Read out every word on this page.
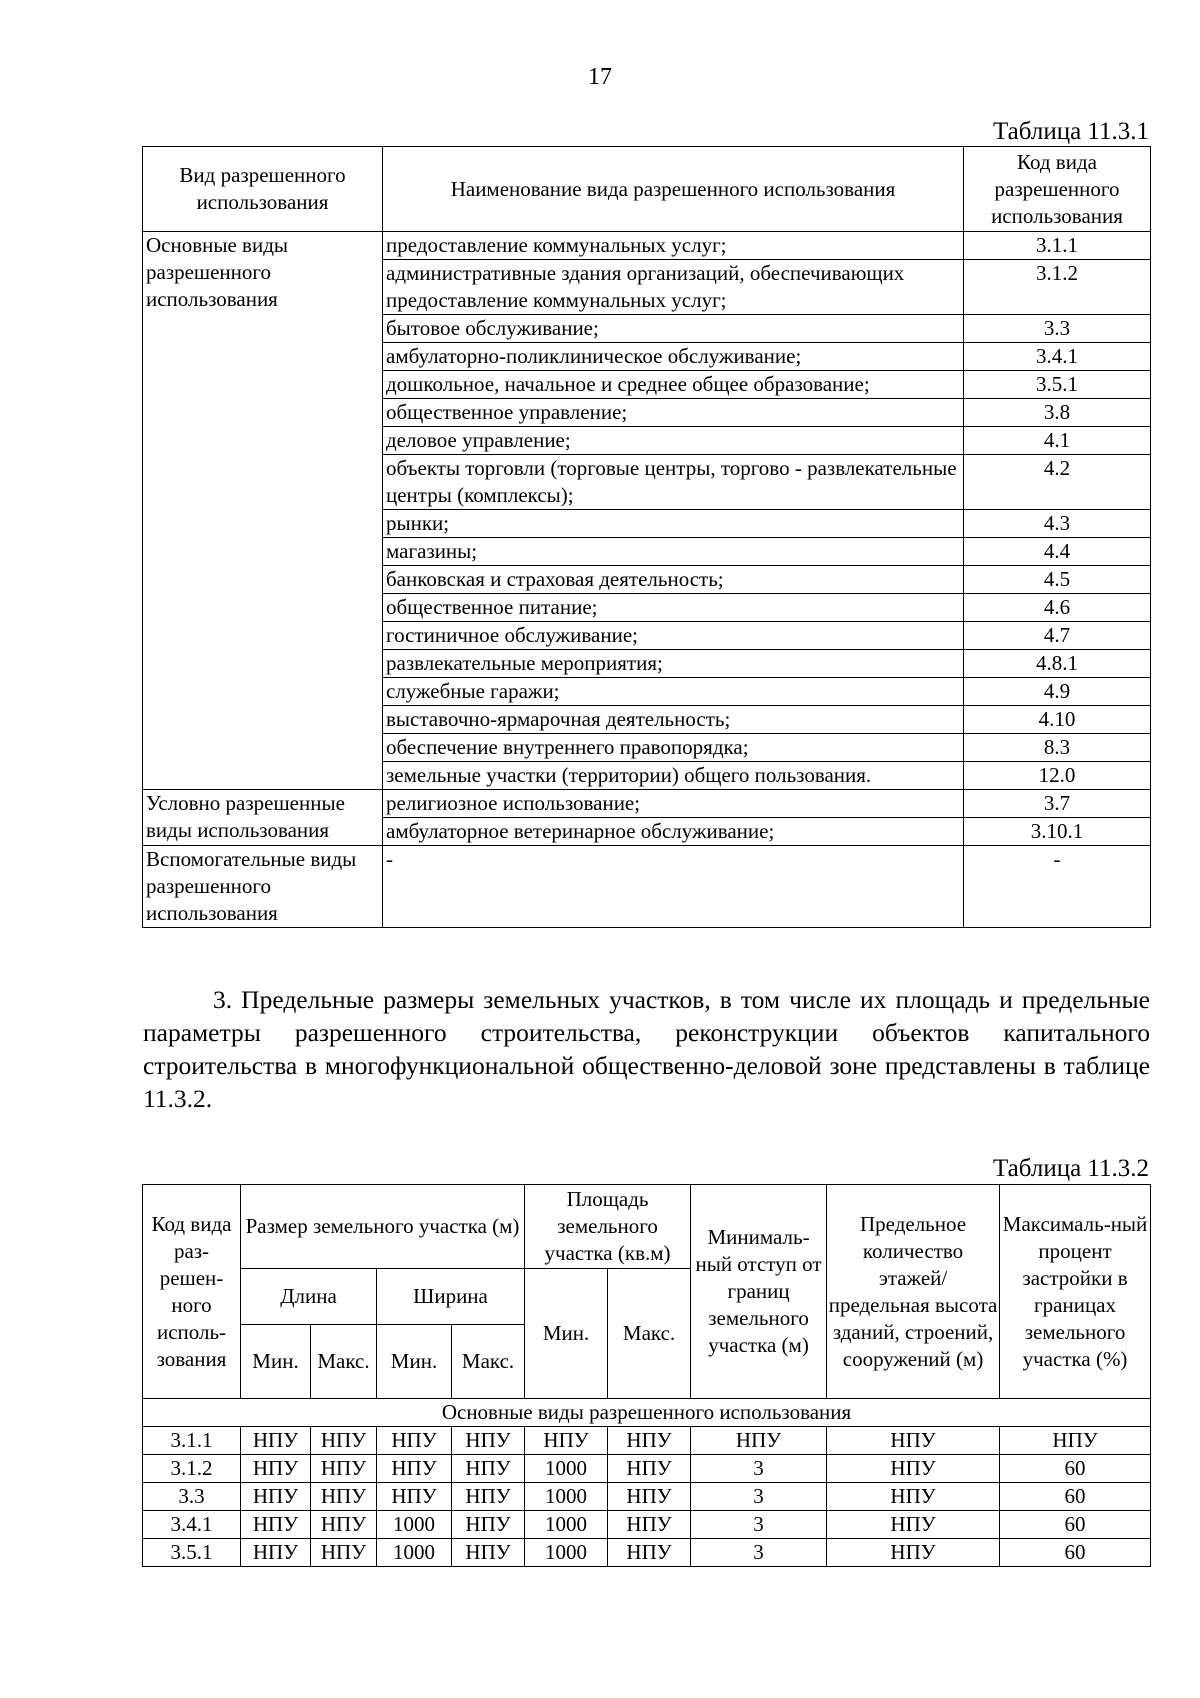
17
Таблица 11.3.1
Вид разрешенного использования	Наименование вида разрешенного использования	Код вида разрешенного использования
Основные виды разрешенного использования	предоставление коммунальных услуг;	3.1.1
	административные здания организаций, обеспечивающих предоставление коммунальных услуг;	3.1.2
	бытовое обслуживание;	3.3
	амбулаторно-поликлиническое обслуживание;	3.4.1
	дошкольное, начальное и среднее общее образование;	3.5.1
	общественное управление;	3.8
	деловое управление;	4.1
	объекты торговли (торговые центры, торгово - развлекательные центры (комплексы);	4.2
	рынки;	4.3
	магазины;	4.4
	банковская и страховая деятельность;	4.5
	общественное питание;	4.6
	гостиничное обслуживание;	4.7
	развлекательные мероприятия;	4.8.1
	служебные гаражи;	4.9
	выставочно-ярмарочная деятельность;	4.10
	обеспечение внутреннего правопорядка;	8.3
	земельные участки (территории) общего пользования.	12.0
Условно разрешенные виды использования	религиозное использование;	3.7
	амбулаторное ветеринарное обслуживание;	3.10.1
Вспомогательные виды разрешенного использования	-	-

3. Предельные размеры земельных участков, в том числе их площадь и предельные параметры разрешенного строительства, реконструкции объектов капитального строительства в многофункциональной общественно-деловой зоне представлены в таблице 11.3.2.

Таблица 11.3.2
Код вида раз-решен-ного исполь-зования	Размер земельного участка (м)				Площадь земельного участка (кв.м)		Минималь-ный отступ от границ земельного участка (м)	Предельное количество этажей/ предельная высота зданий, строений, сооружений (м)	Максималь-ный процент застройки в границах земельного участка (%)
	Длина		Ширина		Мин.	Макс.			
	Мин.	Макс.	Мин.	Макс.					
Основные виды разрешенного использования									
3.1.1	НПУ	НПУ	НПУ	НПУ	НПУ	НПУ	НПУ	НПУ	НПУ
3.1.2	НПУ	НПУ	НПУ	НПУ	1000	НПУ	3	НПУ	60
3.3	НПУ	НПУ	НПУ	НПУ	1000	НПУ	3	НПУ	60
3.4.1	НПУ	НПУ	1000	НПУ	1000	НПУ	3	НПУ	60
3.5.1	НПУ	НПУ	1000	НПУ	1000	НПУ	3	НПУ	60
